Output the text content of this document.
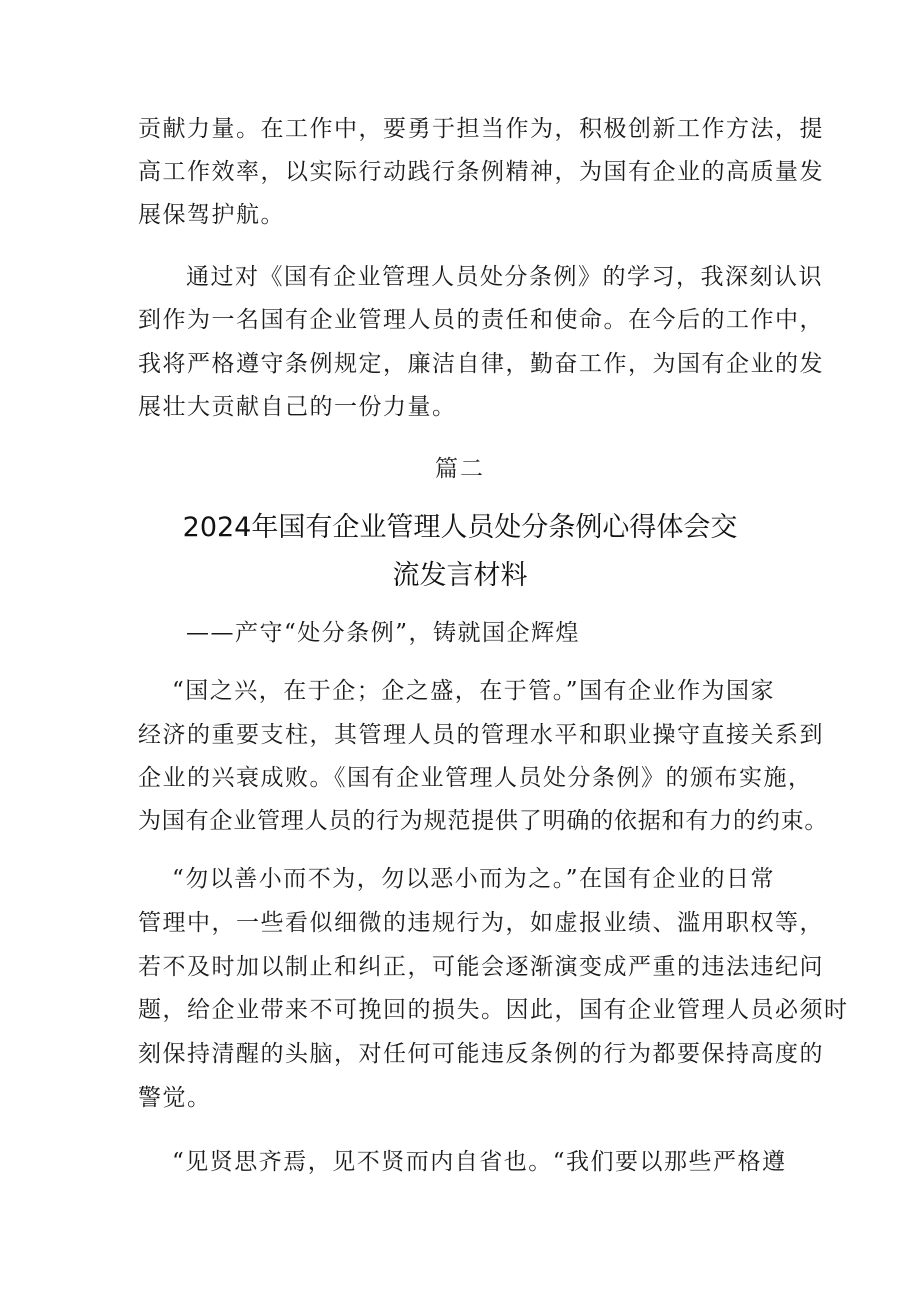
贡献力量。在工作中，要勇于担当作为，积极创新工作方法，提
高工作效率，以实际行动践行条例精神，为国有企业的高质量发
展保驾护航。
通过对《国有企业管理人员处分条例》的学习，我深刻认识
到作为一名国有企业管理人员的责任和使命。在今后的工作中，
我将严格遵守条例规定，廉洁自律，勤奋工作，为国有企业的发
展壮大贡献自己的一份力量。
篇二
2024年国有企业管理人员处分条例心得体会交
流发言材料
——产守“处分条例”，铸就国企辉煌
“国之兴，在于企；企之盛，在于管。”国有企业作为国家
经济的重要支柱，其管理人员的管理水平和职业操守直接关系到
企业的兴衰成败。《国有企业管理人员处分条例》的颁布实施，
为国有企业管理人员的行为规范提供了明确的依据和有力的约束。
“勿以善小而不为，勿以恶小而为之。”在国有企业的日常
管理中，一些看似细微的违规行为，如虚报业绩、滥用职权等，
若不及时加以制止和纠正，可能会逐渐演变成严重的违法违纪问
题，给企业带来不可挽回的损失。因此，国有企业管理人员必须时
刻保持清醒的头脑，对任何可能违反条例的行为都要保持高度的
警觉。
“见贤思齐焉，见不贤而内自省也。“我们要以那些严格遵
